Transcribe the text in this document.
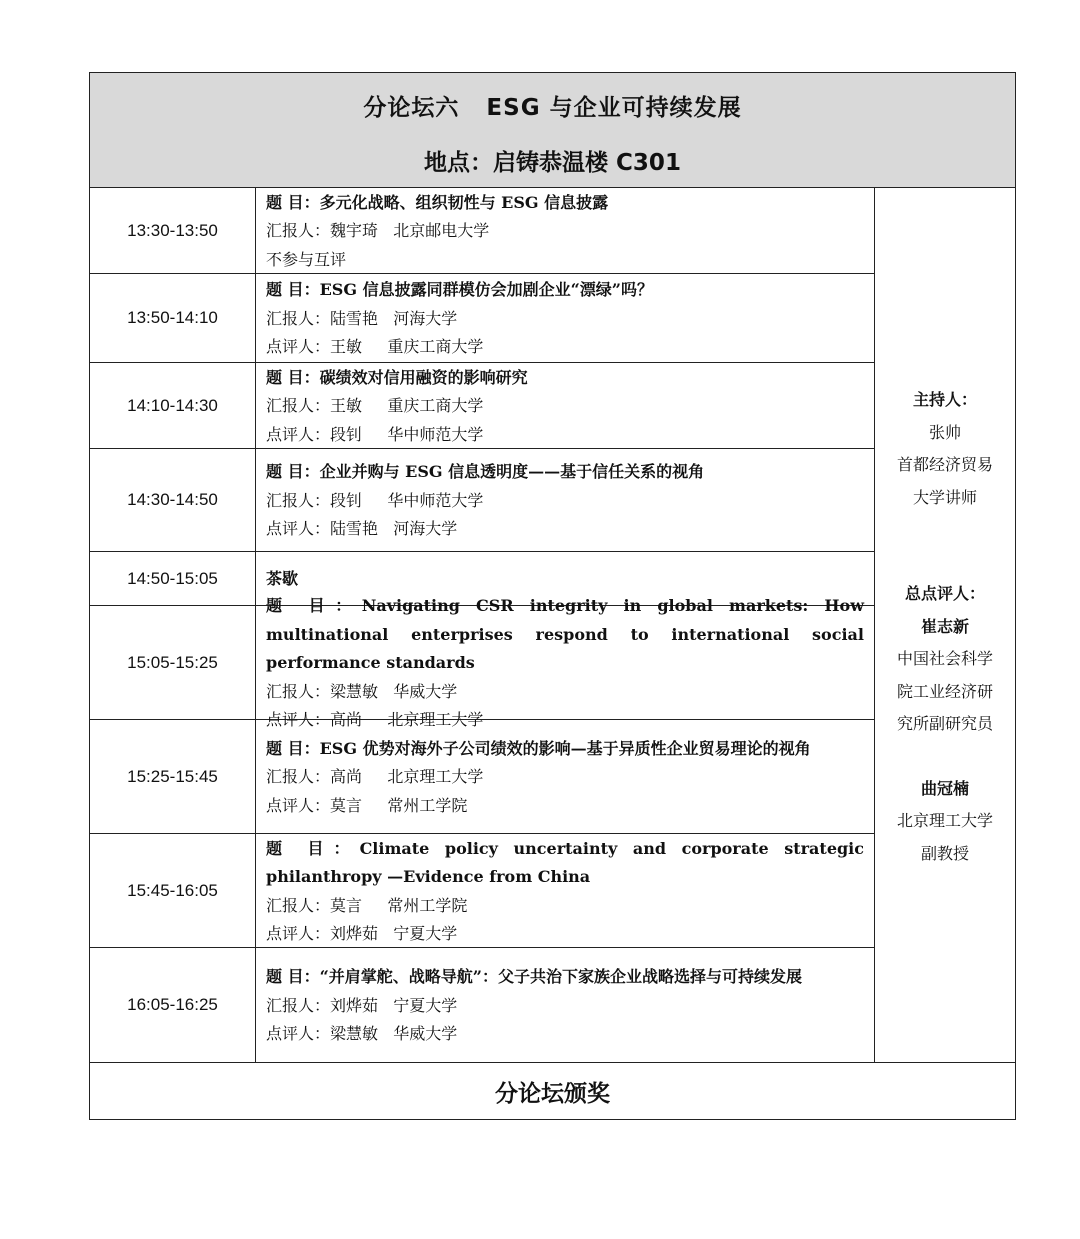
分论坛六   ESG 与企业可持续发展
地点：启铸恭温楼 C301
13:30-13:50
题 目：多元化战略、组织韧性与 ESG 信息披露
汇报人：魏宇琦   北京邮电大学
不参与互评
13:50-14:10
题 目：ESG 信息披露同群模仿会加剧企业“漂绿”吗？
汇报人：陆雪艳   河海大学
点评人：王敏     重庆工商大学
14:10-14:30
题 目：碳绩效对信用融资的影响研究
汇报人：王敏     重庆工商大学
点评人：段钊     华中师范大学
14:30-14:50
题 目：企业并购与 ESG 信息透明度——基于信任关系的视角
汇报人：段钊     华中师范大学
点评人：陆雪艳   河海大学
14:50-15:05	茶歇
15:05-15:25
题 目：Navigating CSR integrity in global markets: How multinational enterprises respond to international social performance standards
汇报人：梁慧敏   华威大学
点评人：高尚     北京理工大学
15:25-15:45
题 目：ESG 优势对海外子公司绩效的影响—基于异质性企业贸易理论的视角
汇报人：高尚     北京理工大学
点评人：莫言     常州工学院
15:45-16:05
题 目：Climate policy uncertainty and corporate strategic philanthropy —Evidence from China
汇报人：莫言     常州工学院
点评人：刘烨茹   宁夏大学
16:05-16:25
题 目：“并肩掌舵、战略导航”：父子共治下家族企业战略选择与可持续发展
汇报人：刘烨茹   宁夏大学
点评人：梁慧敏   华威大学
主持人：
张帅
首都经济贸易
大学讲师
总点评人：
崔志新
中国社会科学
院工业经济研
究所副研究员
曲冠楠
北京理工大学
副教授
分论坛颁奖
